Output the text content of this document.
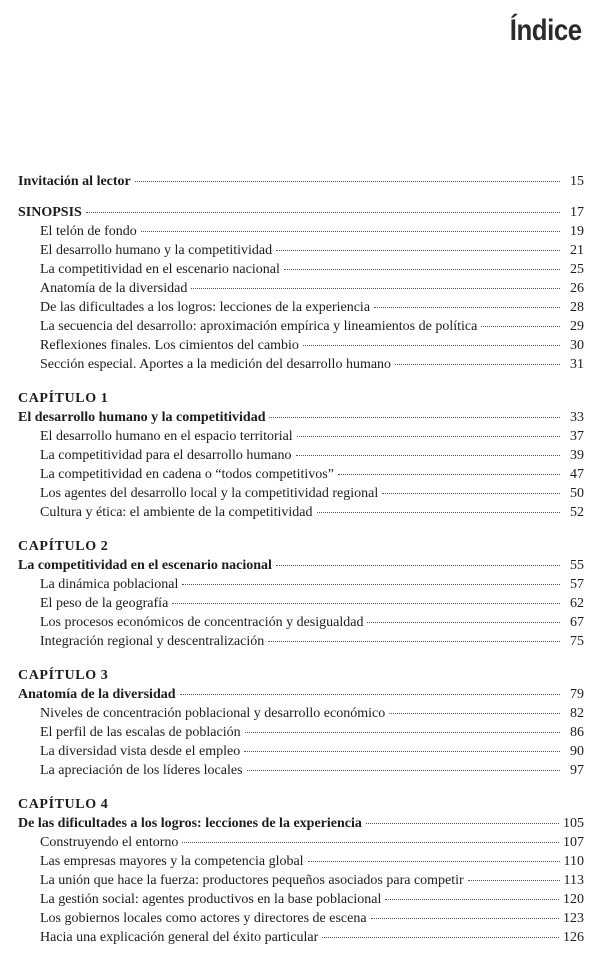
Índice
Invitación al lector	15
SINOPSIS	17
El telón de fondo	19
El desarrollo humano y la competitividad	21
La competitividad en el escenario nacional	25
Anatomía de la diversidad	26
De las dificultades a los logros: lecciones de la experiencia	28
La secuencia del desarrollo: aproximación empírica y lineamientos de política	29
Reflexiones finales. Los cimientos del cambio	30
Sección especial. Aportes a la medición del desarrollo humano	31
CAPÍTULO 1
El desarrollo humano y la competitividad	33
El desarrollo humano en el espacio territorial	37
La competitividad para el desarrollo humano	39
La competitividad en cadena o “todos competitivos”	47
Los agentes del desarrollo local y la competitividad regional	50
Cultura y ética: el ambiente de la competitividad	52
CAPÍTULO 2
La competitividad en el escenario nacional	55
La dinámica poblacional	57
El peso de la geografía	62
Los procesos económicos de concentración y desigualdad	67
Integración regional y descentralización	75
CAPÍTULO 3
Anatomía de la diversidad	79
Niveles de concentración poblacional y desarrollo económico	82
El perfil de las escalas de población	86
La diversidad vista desde el empleo	90
La apreciación de los líderes locales	97
CAPÍTULO 4
De las dificultades a los logros: lecciones de la experiencia	105
Construyendo el entorno	107
Las empresas mayores y la competencia global	110
La unión que hace la fuerza: productores pequeños asociados para competir	113
La gestión social: agentes productivos en la base poblacional	120
Los gobiernos locales como actores y directores de escena	123
Hacia una explicación general del éxito particular	126
